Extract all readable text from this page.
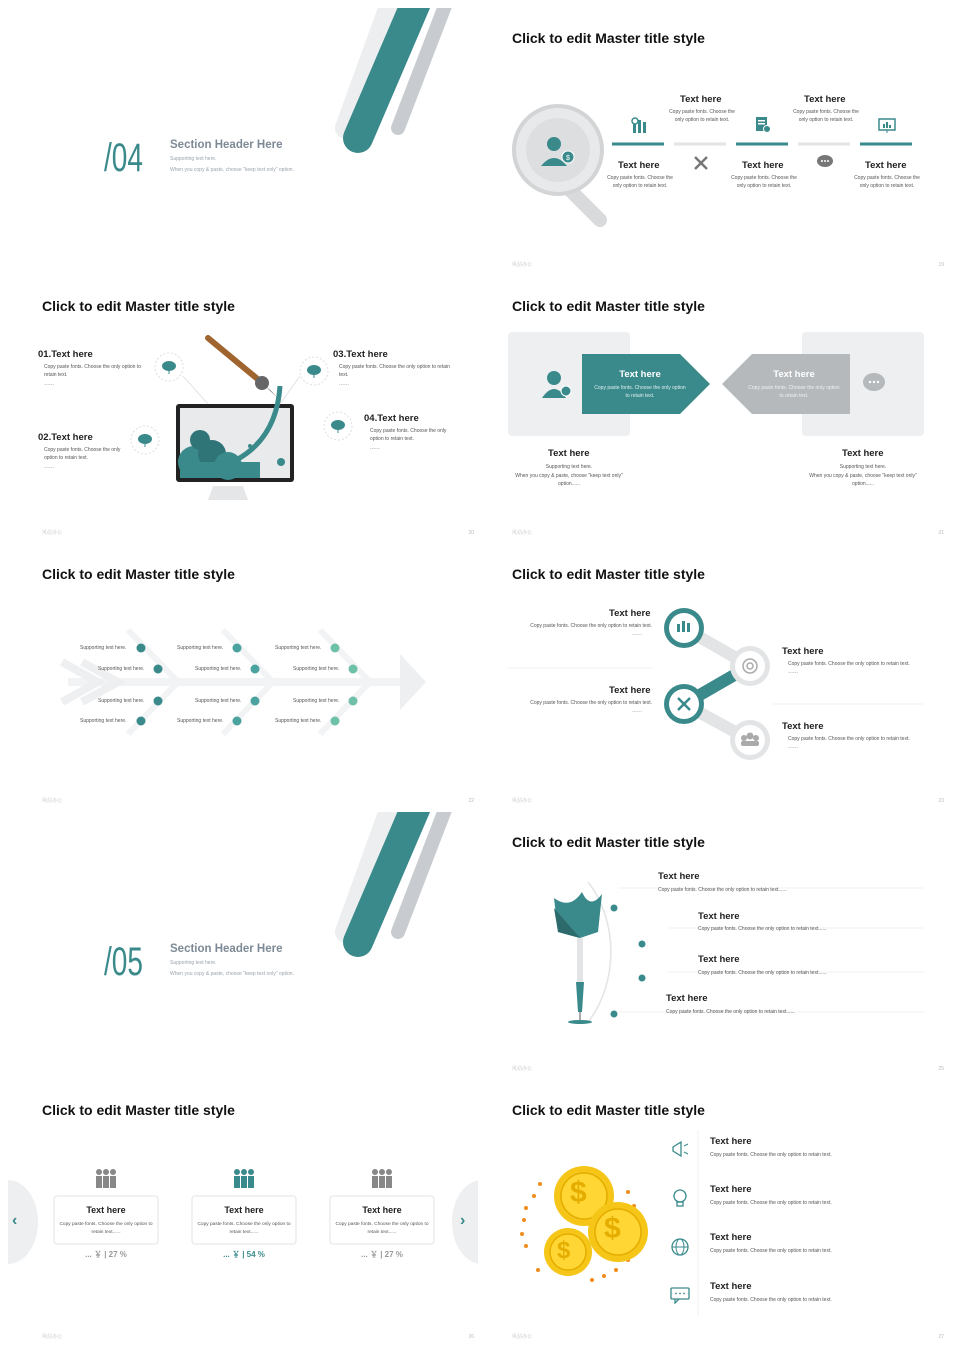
/04 Section Header Here
Supporting text here.
When you copy & paste, choose "keep text only" option.
Click to edit Master title style
$
Text here
Copy paste fonts. Choose the only option to retain text.
Text here
Copy paste fonts. Choose the only option to retain text.
Text here
Copy paste fonts. Choose the only option to retain text.
Text here
Copy paste fonts. Choose the only option to retain text.
Text here
Copy paste fonts. Choose the only option to retain text.
风信办公	19
Click to edit Master title style
01.Text here
Copy paste fonts. Choose the only option to retain text.
……
02.Text here
Copy paste fonts. Choose the only option to retain text.
……
03.Text here
Copy paste fonts. Choose the only option to retain text.
……
04.Text here
Copy paste fonts. Choose the only option to retain text.
……
风信办公	20
Click to edit Master title style
Text here
Copy paste fonts. Choose the only option to retain text.
Text here
Copy paste fonts. Choose the only option to retain text.
Text here
Supporting text here.
When you copy & paste, choose "keep text only" option......
Text here
Supporting text here.
When you copy & paste, choose "keep text only" option......
风信办公	21
Click to edit Master title style
Supporting text here.
Supporting text here.
Supporting text here.
Supporting text here.
Supporting text here.
Supporting text here.
Supporting text here.
Supporting text here.
Supporting text here.
Supporting text here.
Supporting text here.
Supporting text here.
风信办公	22
Click to edit Master title style
Text here
Copy paste fonts. Choose the only option to retain text.
……
Text here
Copy paste fonts. Choose the only option to retain text.
……
Text here
Copy paste fonts. Choose the only option to retain text.
……
Text here
Copy paste fonts. Choose the only option to retain text.
……
风信办公	23
/05 Section Header Here
Supporting text here.
When you copy & paste, choose "keep text only" option.
Click to edit Master title style
Text here
Copy paste fonts. Choose the only option to retain text......
Text here
Copy paste fonts. Choose the only option to retain text......
Text here
Copy paste fonts. Choose the only option to retain text......
Text here
Copy paste fonts. Choose the only option to retain text......
风信办公	25
Click to edit Master title style
‹	›
Text here
Copy paste fonts. Choose the only option to retain text......
... ￥ | 27 %
Text here
Copy paste fonts. Choose the only option to retain text......
... ￥ | 54 %
Text here
Copy paste fonts. Choose the only option to retain text......
... ￥ | 27 %
风信办公	26
Click to edit Master title style
$
$
$
Text here
Copy paste fonts. Choose the only option to retain text.
Text here
Copy paste fonts. Choose the only option to retain text.
Text here
Copy paste fonts. Choose the only option to retain text.
Text here
Copy paste fonts. Choose the only option to retain text.
风信办公	27
